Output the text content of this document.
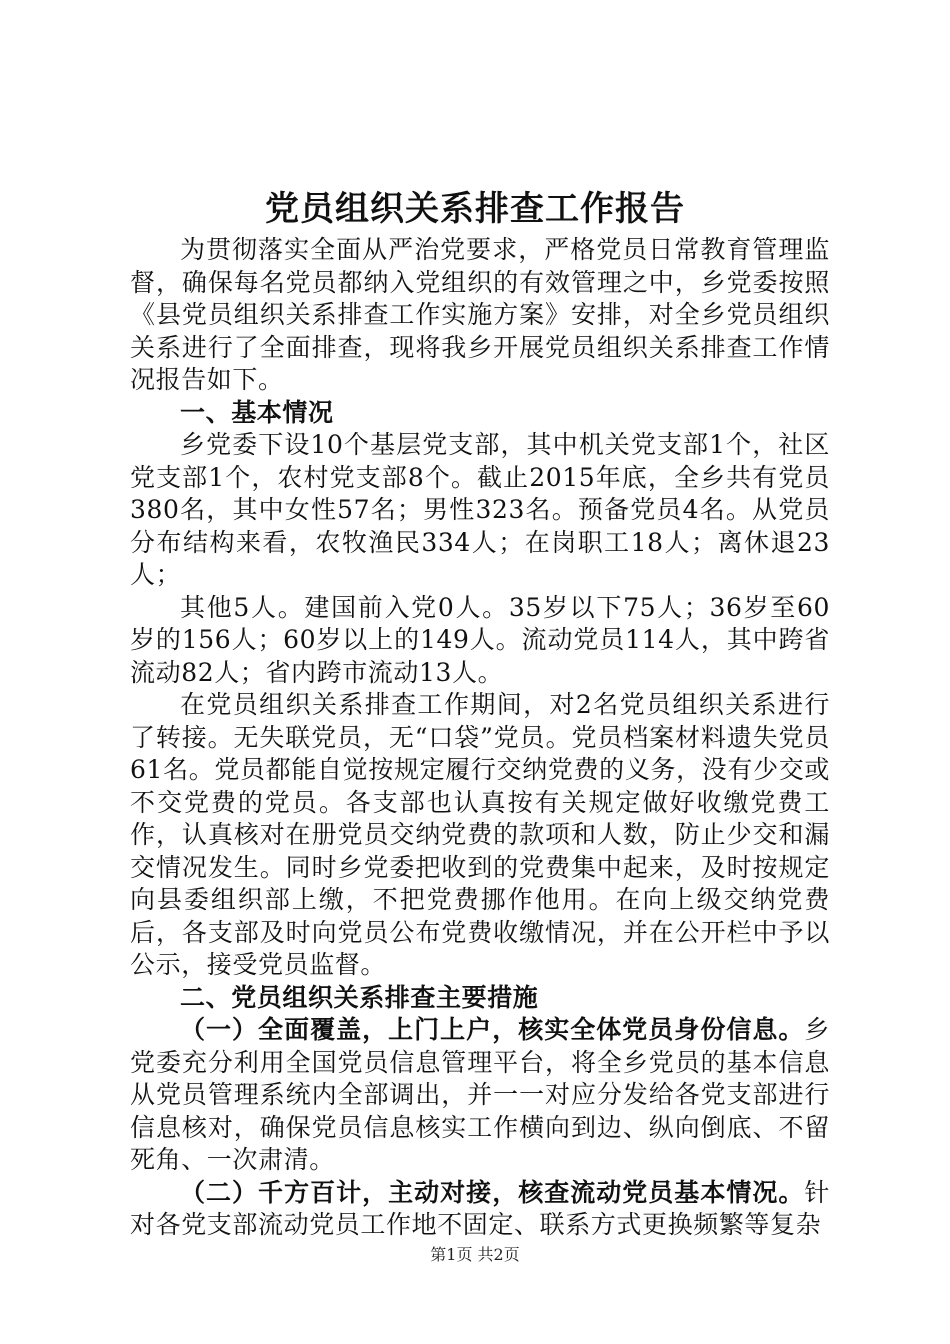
党员组织关系排查工作报告

为贯彻落实全面从严治党要求，严格党员日常教育管理监督，确保每名党员都纳入党组织的有效管理之中，乡党委按照《县党员组织关系排查工作实施方案》安排，对全乡党员组织关系进行了全面排查，现将我乡开展党员组织关系排查工作情况报告如下。

一、基本情况

乡党委下设10个基层党支部，其中机关党支部1个，社区党支部1个，农村党支部8个。截止2015年底，全乡共有党员380名，其中女性57名；男性323名。预备党员4名。从党员分布结构来看，农牧渔民334人；在岗职工18人；离休退23人；

其他5人。建国前入党0人。35岁以下75人；36岁至60岁的156人；60岁以上的149人。流动党员114人，其中跨省流动82人；省内跨市流动13人。

在党员组织关系排查工作期间，对2名党员组织关系进行了转接。无失联党员，无“口袋”党员。党员档案材料遗失党员61名。党员都能自觉按规定履行交纳党费的义务，没有少交或不交党费的党员。各支部也认真按有关规定做好收缴党费工作，认真核对在册党员交纳党费的款项和人数，防止少交和漏交情况发生。同时乡党委把收到的党费集中起来，及时按规定向县委组织部上缴，不把党费挪作他用。在向上级交纳党费后，各支部及时向党员公布党费收缴情况，并在公开栏中予以公示，接受党员监督。

二、党员组织关系排查主要措施

（一）全面覆盖，上门上户，核实全体党员身份信息。乡党委充分利用全国党员信息管理平台，将全乡党员的基本信息从党员管理系统内全部调出，并一一对应分发给各党支部进行信息核对，确保党员信息核实工作横向到边、纵向倒底、不留死角、一次肃清。

（二）千方百计，主动对接，核查流动党员基本情况。针对各党支部流动党员工作地不固定、联系方式更换频繁等复杂

第1页 共2页
